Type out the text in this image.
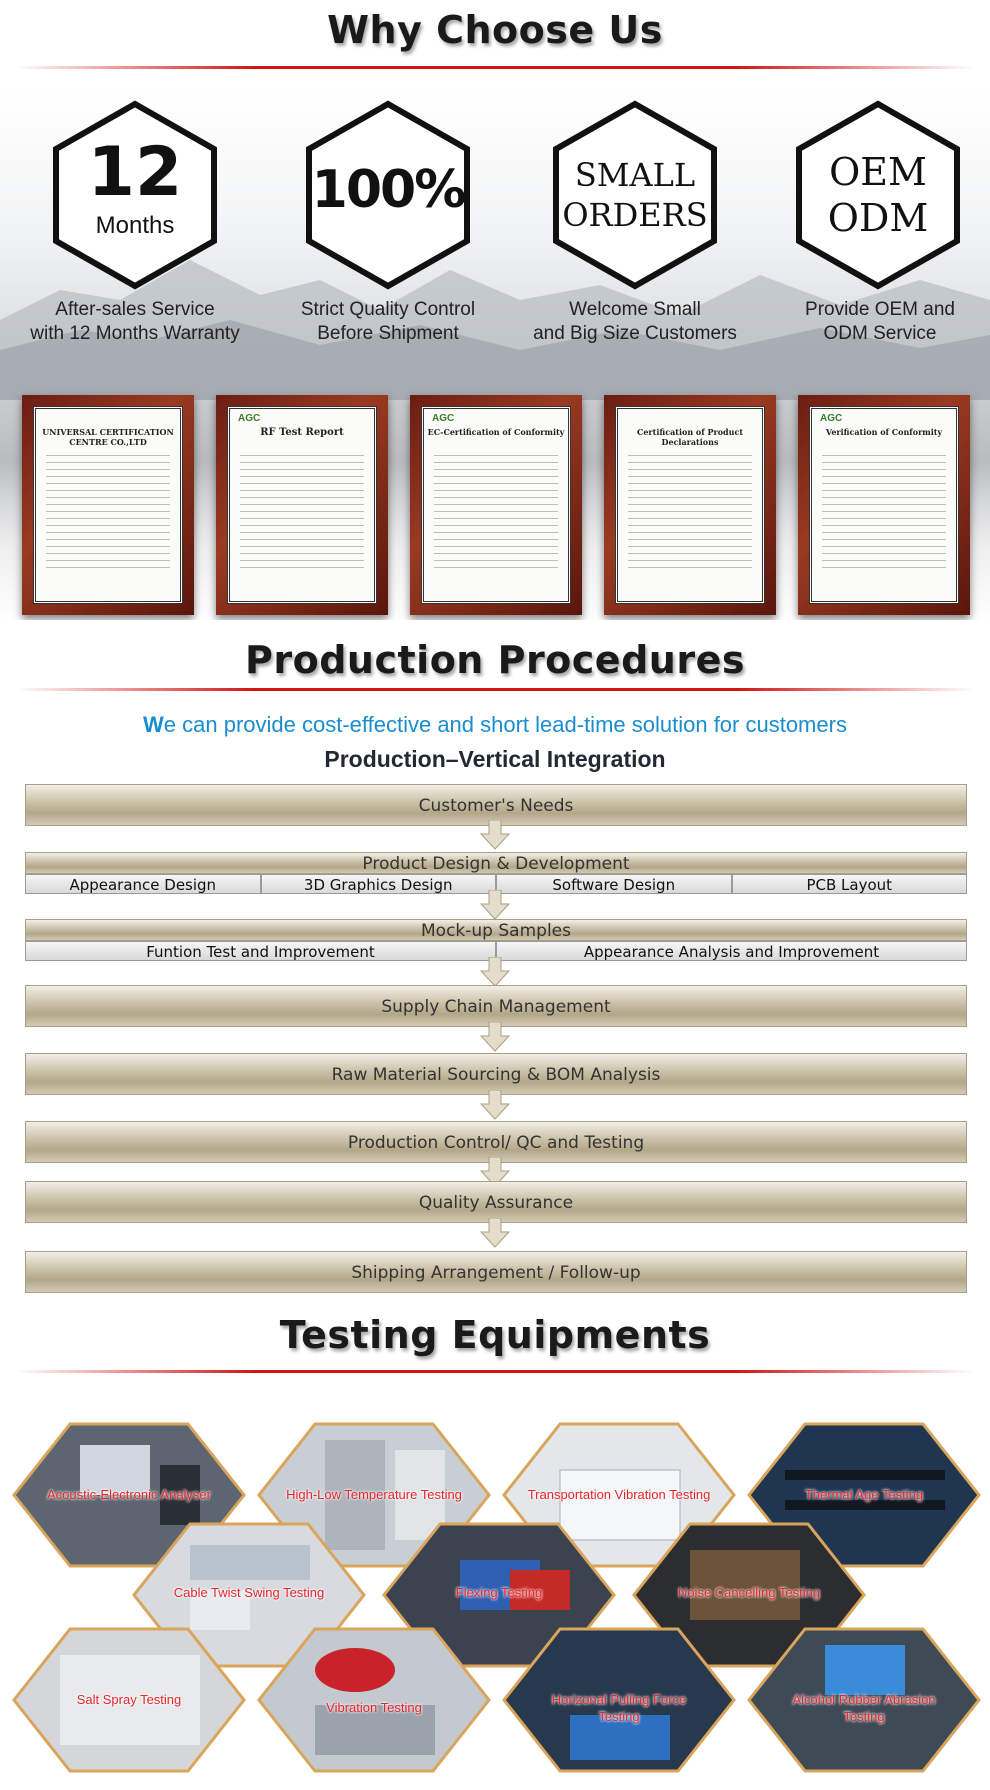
Why Choose Us
12
Months
After-sales Service
with 12 Months Warranty
100%
Strict Quality Control
Before Shipment
SMALL
ORDERS
Welcome Small
and Big Size Customers
OEM
ODM
Provide OEM and
ODM Service
UNIVERSAL CERTIFICATION CENTRE CO.,LTD
AGC
RF Test Report
AGC
EC-Certification of Conformity	Certification of Product Declarations
AGC
Verification of Conformity
Production Procedures
We can provide cost-effective and short lead-time solution for customers
Production–Vertical Integration
Customer's Needs
Product Design & Development
Appearance Design	3D Graphics Design	Software Design	PCB Layout
Mock-up Samples
Funtion Test and Improvement	Appearance Analysis and Improvement
Supply Chain Management
Raw Material Sourcing & BOM Analysis
Production Control/ QC and Testing
Quality Assurance
Shipping Arrangement / Follow-up
Testing Equipments
Acoustic-Electronic Analyser	High-Low Temperature Testing	Transportation Vibration Testing	Thermal Age Testing
Cable Twist Swing Testing	Flexing Testing	Noise Cancelling Testing
Salt Spray Testing
Vibration Testing
Horizonal Pulling Force Testing
Alcohol Rubber Abrasion Testing
